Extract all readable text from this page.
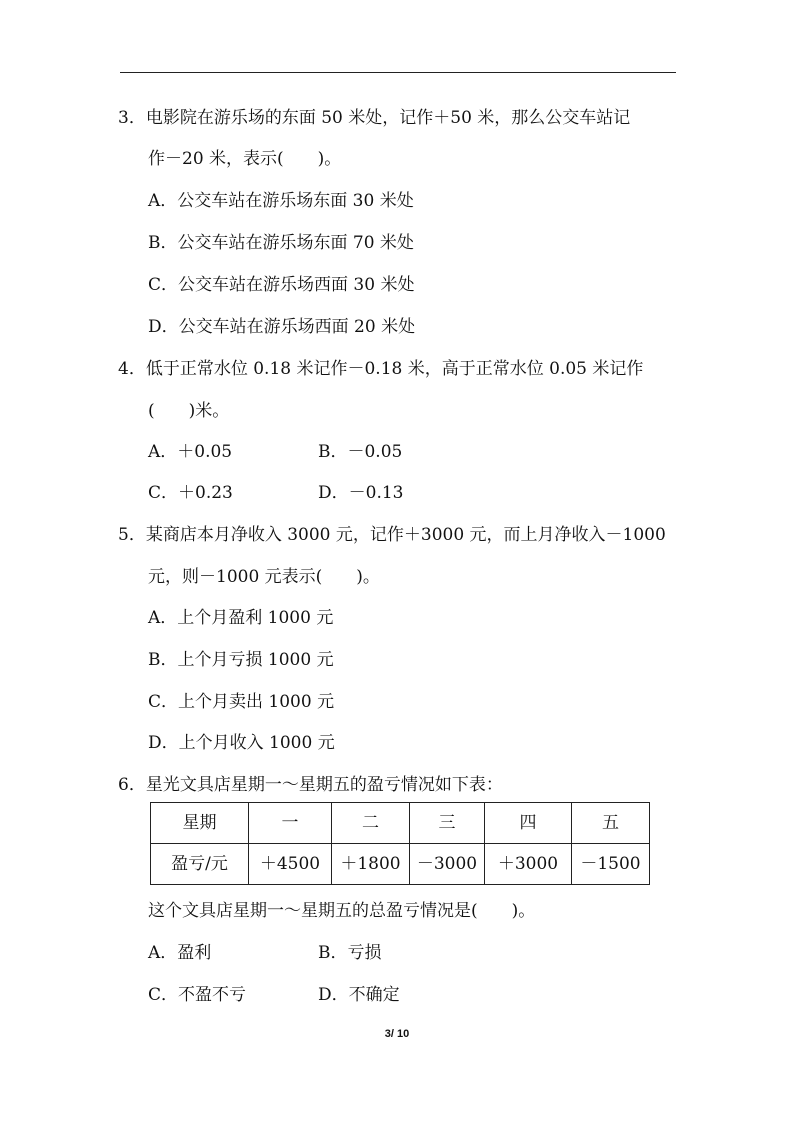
3．电影院在游乐场的东面 50 米处，记作＋50 米，那么公交车站记
作－20 米，表示(　　)。
A．公交车站在游乐场东面 30 米处
B．公交车站在游乐场东面 70 米处
C．公交车站在游乐场西面 30 米处
D．公交车站在游乐场西面 20 米处
4．低于正常水位 0.18 米记作－0.18 米，高于正常水位 0.05 米记作
(　　)米。
A．＋0.05	B．－0.05
C．＋0.23	D．－0.13
5．某商店本月净收入 3000 元，记作＋3000 元，而上月净收入－1000
元，则－1000 元表示(　　)。
A．上个月盈利 1000 元
B．上个月亏损 1000 元
C．上个月卖出 1000 元
D．上个月收入 1000 元
6．星光文具店星期一～星期五的盈亏情况如下表：
星期	一	二	三	四	五
盈亏/元	＋4500	＋1800	－3000	＋3000	－1500
这个文具店星期一～星期五的总盈亏情况是(　　)。
A．盈利	B．亏损
C．不盈不亏	D．不确定
3/ 10
